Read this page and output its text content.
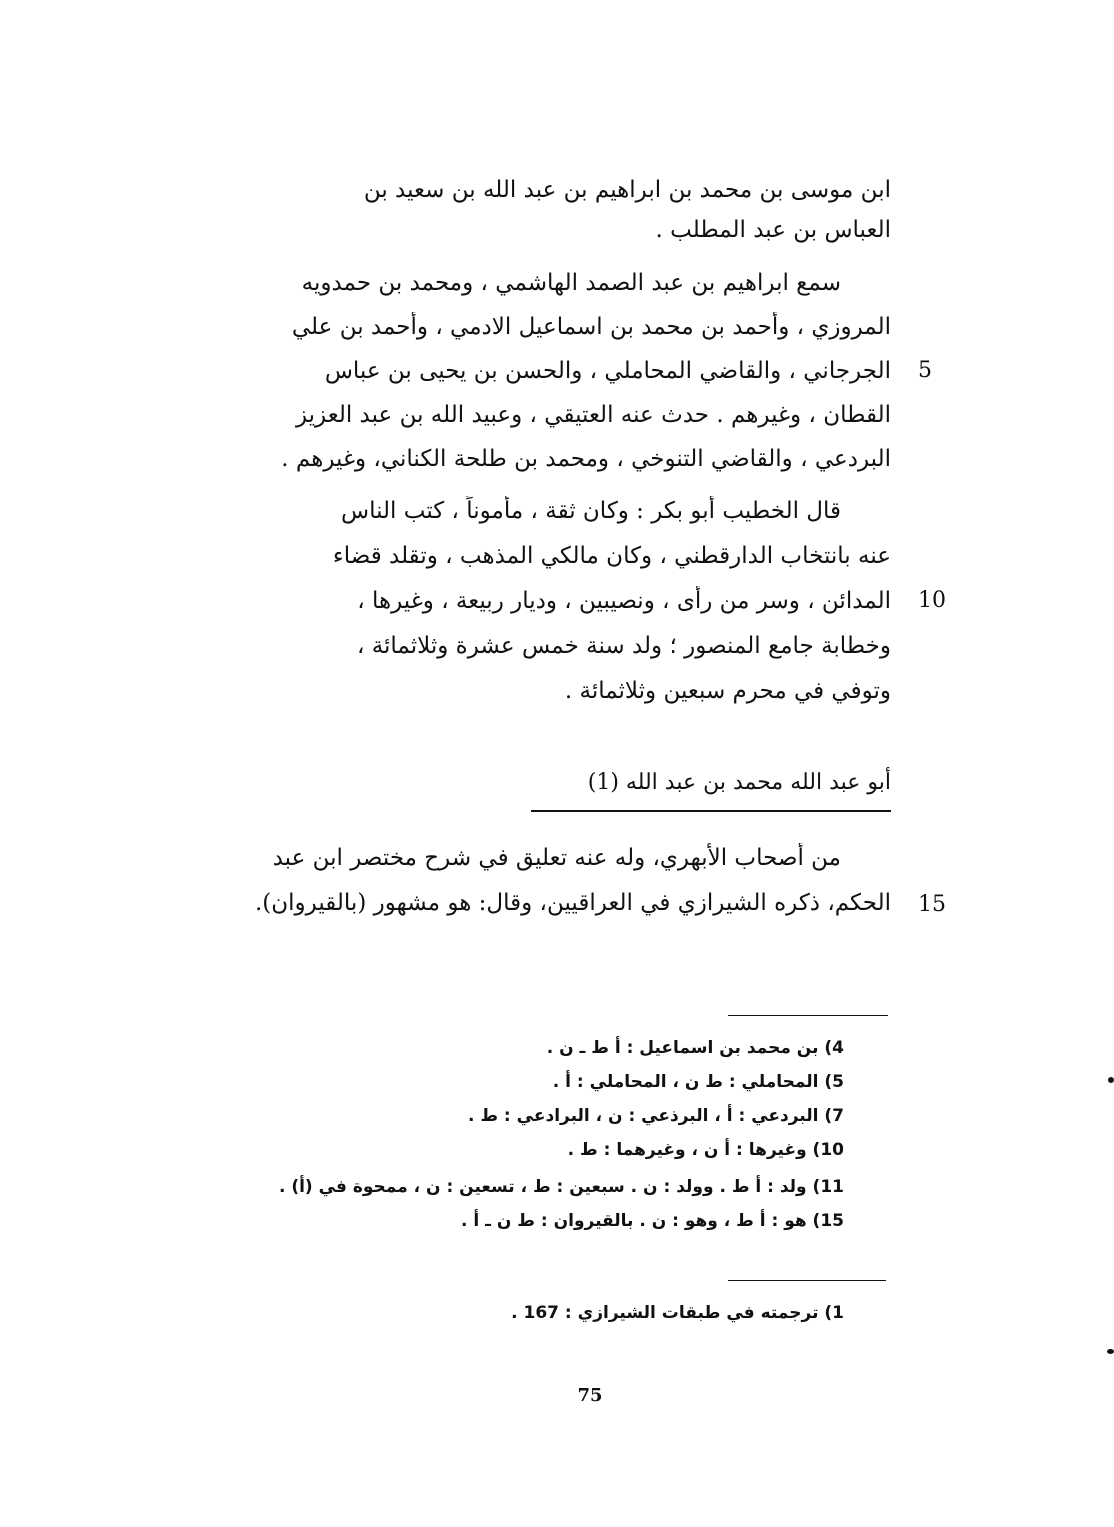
ابن موسى بن محمد بن ابراهيم بن عبد الله بن سعيد بن
العباس بن عبد المطلب .
سمع ابراهيم بن عبد الصمد الهاشمي ، ومحمد بن حمدويه
المروزي ، وأحمد بن محمد بن اسماعيل الادمي ، وأحمد بن علي
الجرجاني ، والقاضي المحاملي ، والحسن بن يحيى بن عباس
القطان ، وغيرهم . حدث عنه العتيقي ، وعبيد الله بن عبد العزيز
البردعي ، والقاضي التنوخي ، ومحمد بن طلحة الكناني، وغيرهم .
5
قال الخطيب أبو بكر : وكان ثقة ، مأموناً ، كتب الناس
عنه بانتخاب الدارقطني ، وكان مالكي المذهب ، وتقلد قضاء
المدائن ، وسر من رأى ، ونصيبين ، وديار ربيعة ، وغيرها ،
وخطابة جامع المنصور ؛ ولد سنة خمس عشرة وثلاثمائة ،
وتوفي في محرم سبعين وثلاثمائة .
10
أبو عبد الله محمد بن عبد الله (1)
من أصحاب الأبهري، وله عنه تعليق في شرح مختصر ابن عبد
الحكم، ذكره الشيرازي في العراقيين، وقال: هو مشهور (بالقيروان). 15
4) بن محمد بن اسماعيل : أ ط ـ ن .
5) المحاملي : ط ن ، المحاملي : أ .
7) البردعي : أ ، البرذعي : ن ، البرادعي : ط .
10) وغيرها : أ ن ، وغيرهما : ط .
11) ولد : أ ط . وولد : ن . سبعين : ط ، تسعين : ن ، ممحوة في (أ) .
15) هو : أ ط ، وهو : ن . بالقيروان : ط ن ـ أ .
1) ترجمته في طبقات الشيرازي : 167 .
75
